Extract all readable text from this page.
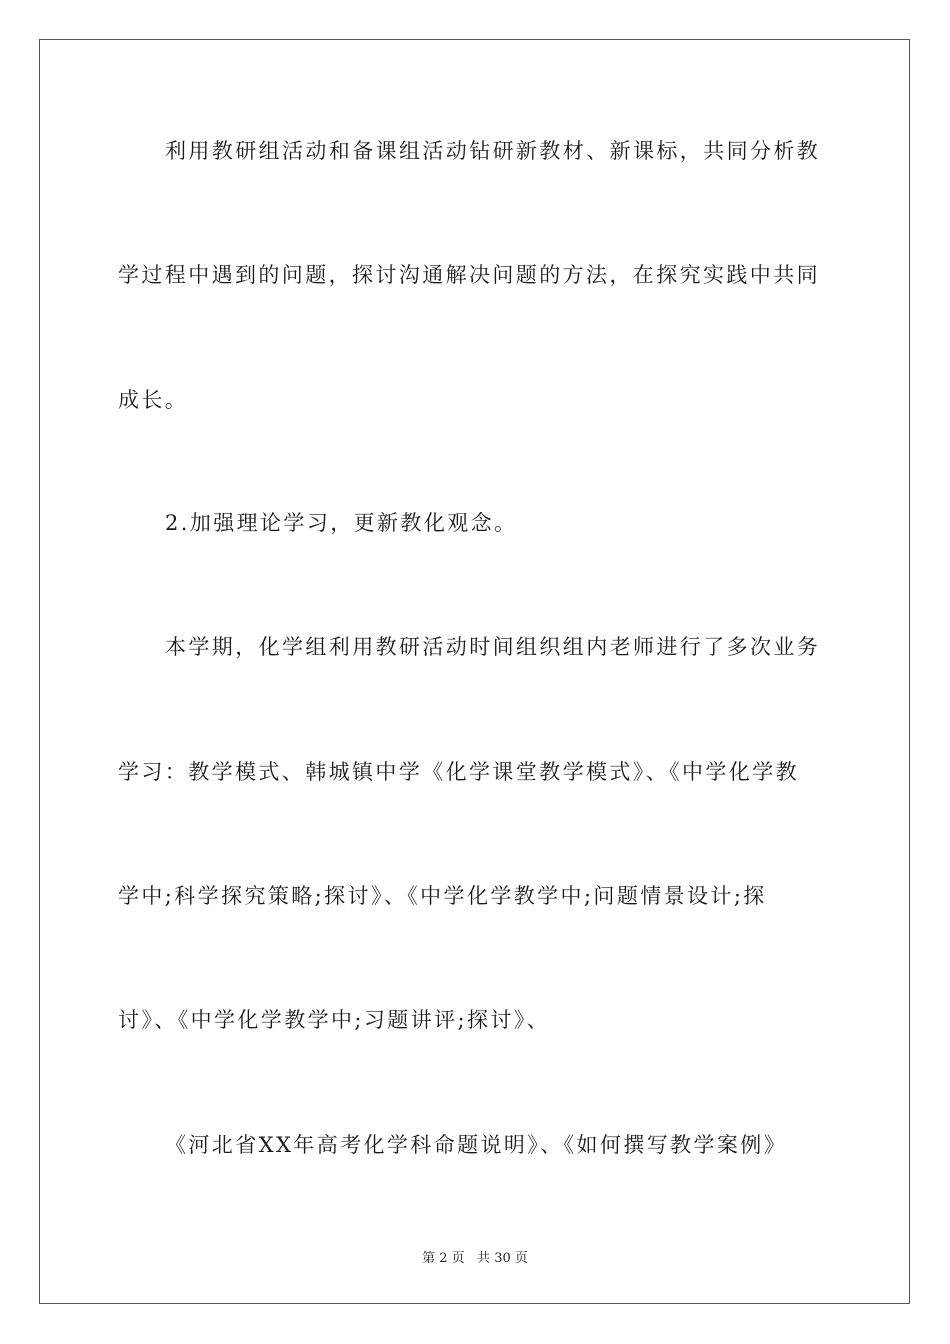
利用教研组活动和备课组活动钻研新教材、新课标，共同分析教
学过程中遇到的问题，探讨沟通解决问题的方法，在探究实践中共同
成长。
2.加强理论学习，更新教化观念。
本学期，化学组利用教研活动时间组织组内老师进行了多次业务
学习：教学模式、韩城镇中学《化学课堂教学模式》、《中学化学教
学中;科学探究策略;探讨》、《中学化学教学中;问题情景设计;探
讨》、《中学化学教学中;习题讲评;探讨》、
《河北省XX年高考化学科命题说明》、《如何撰写教学案例》
第 2 页   共 30 页
